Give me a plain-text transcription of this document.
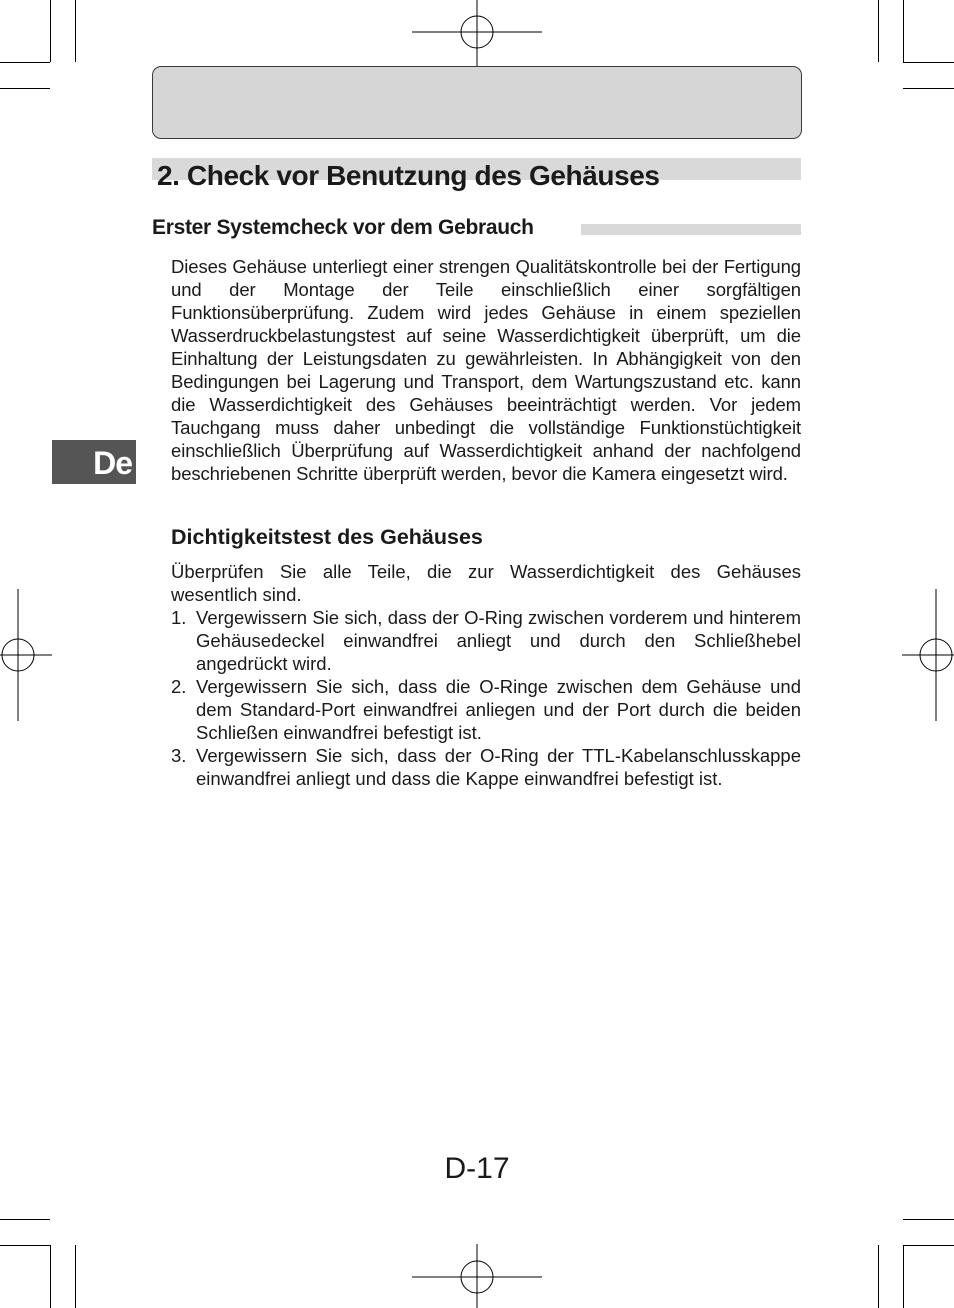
2. Check vor Benutzung des Gehäuses
Erster Systemcheck vor dem Gebrauch
De

Dieses Gehäuse unterliegt einer strengen Qualitätskontrolle bei der Fertigung und der Montage der Teile einschließlich einer sorgfältigen Funktionsüberprüfung. Zudem wird jedes Gehäuse in einem speziellen Wasserdruckbelastungstest auf seine Wasserdichtigkeit überprüft, um die Einhaltung der Leistungsdaten zu gewährleisten. In Abhängigkeit von den Bedingungen bei Lagerung und Transport, dem Wartungszustand etc. kann die Wasserdichtigkeit des Gehäuses beeinträchtigt werden. Vor jedem Tauchgang muss daher unbedingt die vollständige Funktionstüchtigkeit einschließlich Überprüfung auf Wasserdichtigkeit anhand der nachfolgend beschriebenen Schritte überprüft werden, bevor die Kamera eingesetzt wird.

Dichtigkeitstest des Gehäuses

Überprüfen Sie alle Teile, die zur Wasserdichtigkeit des Gehäuses wesentlich sind.

1. Vergewissern Sie sich, dass der O-Ring zwischen vorderem und hinterem Gehäusedeckel einwandfrei anliegt und durch den Schließhebel angedrückt wird.
2. Vergewissern Sie sich, dass die O-Ringe zwischen dem Gehäuse und dem Standard-Port einwandfrei anliegen und der Port durch die beiden Schließen einwandfrei befestigt ist.
3. Vergewissern Sie sich, dass der O-Ring der TTL-Kabelanschlusskappe einwandfrei anliegt und dass die Kappe einwandfrei befestigt ist.
D-17
